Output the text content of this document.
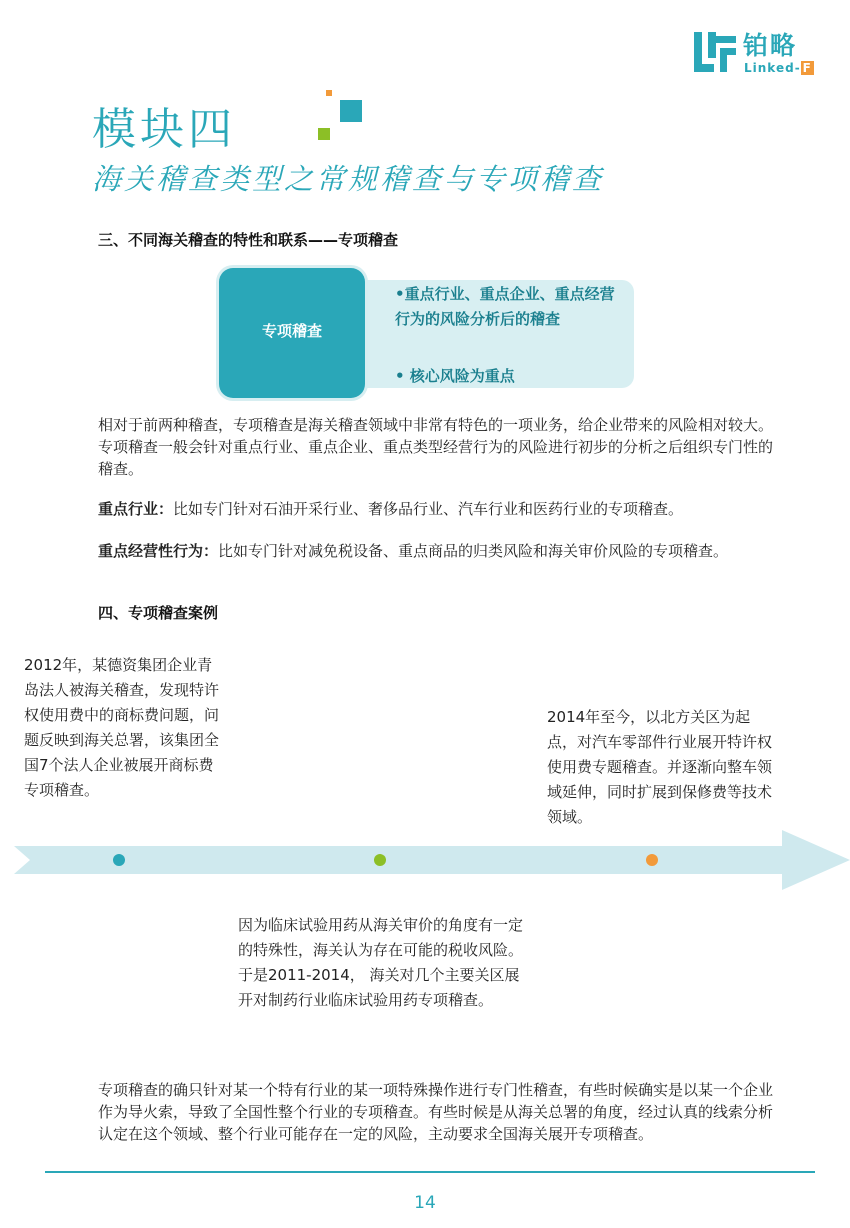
铂略
Linked- F
模块四
海关稽查类型之常规稽查与专项稽查
三、不同海关稽查的特性和联系——专项稽查
•重点行业、重点企业、重点经营行为的风险分析后的稽查
• 核心风险为重点
专项稽查
相对于前两种稽查，专项稽查是海关稽查领域中非常有特色的一项业务，给企业带来的风险相对较大。专项稽查一般会针对重点行业、重点企业、重点类型经营行为的风险进行初步的分析之后组织专门性的稽查。
重点行业：比如专门针对石油开采行业、奢侈品行业、汽车行业和医药行业的专项稽查。
重点经营性行为：比如专门针对减免税设备、重点商品的归类风险和海关审价风险的专项稽查。
四、专项稽查案例
2012年，某德资集团企业青岛法人被海关稽查，发现特许权使用费中的商标费问题，问题反映到海关总署，该集团全国7个法人企业被展开商标费专项稽查。
2014年至今，以北方关区为起点，对汽车零部件行业展开特许权使用费专题稽查。并逐渐向整车领域延伸，同时扩展到保修费等技术领域。
因为临床试验用药从海关审价的角度有一定的特殊性，海关认为存在可能的税收风险。于是2011-2014， 海关对几个主要关区展开对制药行业临床试验用药专项稽查。
专项稽查的确只针对某一个特有行业的某一项特殊操作进行专门性稽查，有些时候确实是以某一个企业作为导火索，导致了全国性整个行业的专项稽查。有些时候是从海关总署的角度，经过认真的线索分析认定在这个领域、整个行业可能存在一定的风险，主动要求全国海关展开专项稽查。
14
